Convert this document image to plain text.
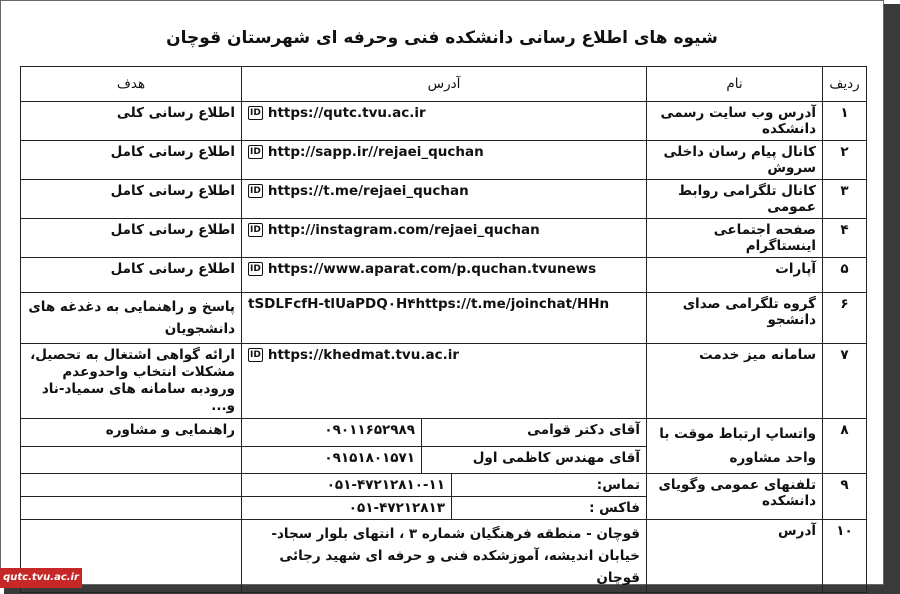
شیوه های اطلاع رسانی دانشکده فنی وحرفه ای شهرستان قوچان
ردیف	نام	آدرس			هدف
۱	آدرس وب سایت رسمی دانشکده	ID https://qutc.tvu.ac.ir			اطلاع رسانی کلی
۲	کانال پیام رسان داخلی سروش	ID http://sapp.ir//rejaei_quchan			اطلاع رسانی کامل
۳	کانال تلگرامی روابط عمومی	ID https://t.me/rejaei_quchan			اطلاع رسانی کامل
۴	صفحه اجتماعی اینستاگرام	ID http://instagram.com/rejaei_quchan			اطلاع رسانی کامل
۵	آپارات	ID https://www.aparat.com/p.quchan.tvunews			اطلاع رسانی کامل
۶	گروه تلگرامی صدای دانشجو	tSDLFcfH-tlUaPDQ۰H۴https://t.me/joinchat/HHn			پاسخ و راهنمایی به دغدغه های دانشجویان
۷	سامانه میز خدمت	ID https://khedmat.tvu.ac.ir			ارائه گواهی اشتغال به تحصیل، مشکلات انتخاب واحدوعدم ورودبه سامانه های سمیاد-ناد و...
۸	واتساپ ارتباط موقت با واحد مشاوره	آقای دکتر قوامی		۰۹۰۱۱۶۵۲۹۸۹	راهنمایی و مشاوره
		آقای مهندس کاظمی اول		۰۹۱۵۱۸۰۱۵۷۱	
۹	تلفنهای عمومی وگویای دانشکده	تماس:	۰۵۱-۴۷۲۱۲۸۱۰-۱۱		
		فاکس :	۰۵۱-۴۷۲۱۲۸۱۳		
۱۰	آدرس	قوچان - منطقه فرهنگیان شماره ۳ ، انتهای بلوار سجاد-
خیابان اندیشه، آموزشکده فنی و حرفه ای شهید رجائی قوچان			

qutc.tvu.ac.ir
